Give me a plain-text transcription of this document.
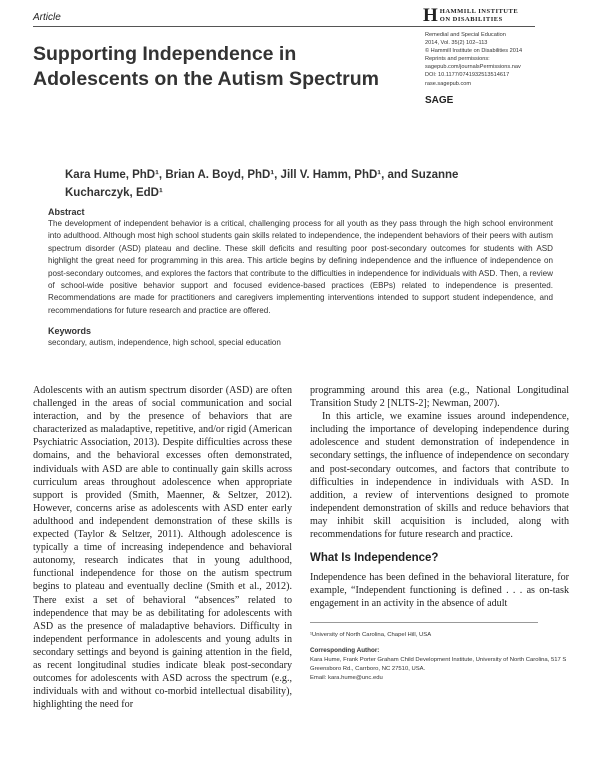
Article	H HAMMILL INSTITUTE
ON DISABILITIES
Remedial and Special Education
2014, Vol. 35(2) 102–113
© Hammill Institute on Disabilities 2014
Reprints and permissions:
sagepub.com/journalsPermissions.nav
DOI: 10.1177/0741932513514617
rase.sagepub.com
SAGE
Supporting Independence in Adolescents on the Autism Spectrum
Kara Hume, PhD¹, Brian A. Boyd, PhD¹, Jill V. Hamm, PhD¹, and Suzanne Kucharczyk, EdD¹
Abstract

The development of independent behavior is a critical, challenging process for all youth as they pass through the high school environment into adulthood. Although most high school students gain skills related to independence, the independent behaviors of their peers with autism spectrum disorder (ASD) plateau and decline. These skill deficits and resulting poor post-secondary outcomes for students with ASD highlight the great need for programming in this area. This article begins by defining independence and the influence of independence on post-secondary outcomes, and explores the factors that contribute to the difficulties in independence for individuals with ASD. Then, a review of school-wide positive behavior support and focused evidence-based practices (EBPs) related to independence is presented. Recommendations are made for practitioners and caregivers implementing interventions intended to support student independence, and recommendations for future research and practice are offered.

Keywords
secondary, autism, independence, high school, special education

Adolescents with an autism spectrum disorder (ASD) are often challenged in the areas of social communication and social interaction, and by the presence of behaviors that are characterized as maladaptive, repetitive, and/or rigid (American Psychiatric Association, 2013). Despite difficulties across these domains, and the behavioral excesses often demonstrated, individuals with ASD are able to continually gain skills across curriculum areas throughout adolescence when appropriate support is provided (Smith, Maenner, & Seltzer, 2012). However, concerns arise as adolescents with ASD enter early adulthood and independent demonstration of these skills is expected (Taylor & Seltzer, 2011). Although adolescence is typically a time of increasing independence and behavioral autonomy, research indicates that in young adulthood, functional independence for those on the autism spectrum begins to plateau and eventually decline (Smith et al., 2012). There exist a set of behavioral “absences” related to independence that may be as debilitating for adolescents with ASD as the presence of maladaptive behaviors. Difficulty in independent performance in adolescents and young adults in secondary settings and beyond is gaining attention in the field, as recent longitudinal studies indicate bleak post-secondary outcomes for adolescents with ASD across the spectrum (e.g., individuals with and without co-morbid intellectual disability), highlighting the need for

programming around this area (e.g., National Longitudinal Transition Study 2 [NLTS-2]; Newman, 2007).

In this article, we examine issues around independence, including the importance of developing independence during adolescence and student demonstration of independence in secondary settings, the influence of independence on secondary and post-secondary outcomes, and factors that contribute to difficulties in independence in individuals with ASD. In addition, a review of interventions designed to promote independent demonstration of skills and reduce behaviors that may inhibit skill acquisition is included, along with recommendations for future research and practice.

What Is Independence?

Independence has been defined in the behavioral literature, for example, “Independent functioning is defined . . . as on-task engagement in an activity in the absence of adult

¹University of North Carolina, Chapel Hill, USA
Corresponding Author:
Kara Hume, Frank Porter Graham Child Development Institute, University of North Carolina, 517 S Greensboro Rd., Carrboro, NC 27510, USA.
Email: kara.hume@unc.edu
